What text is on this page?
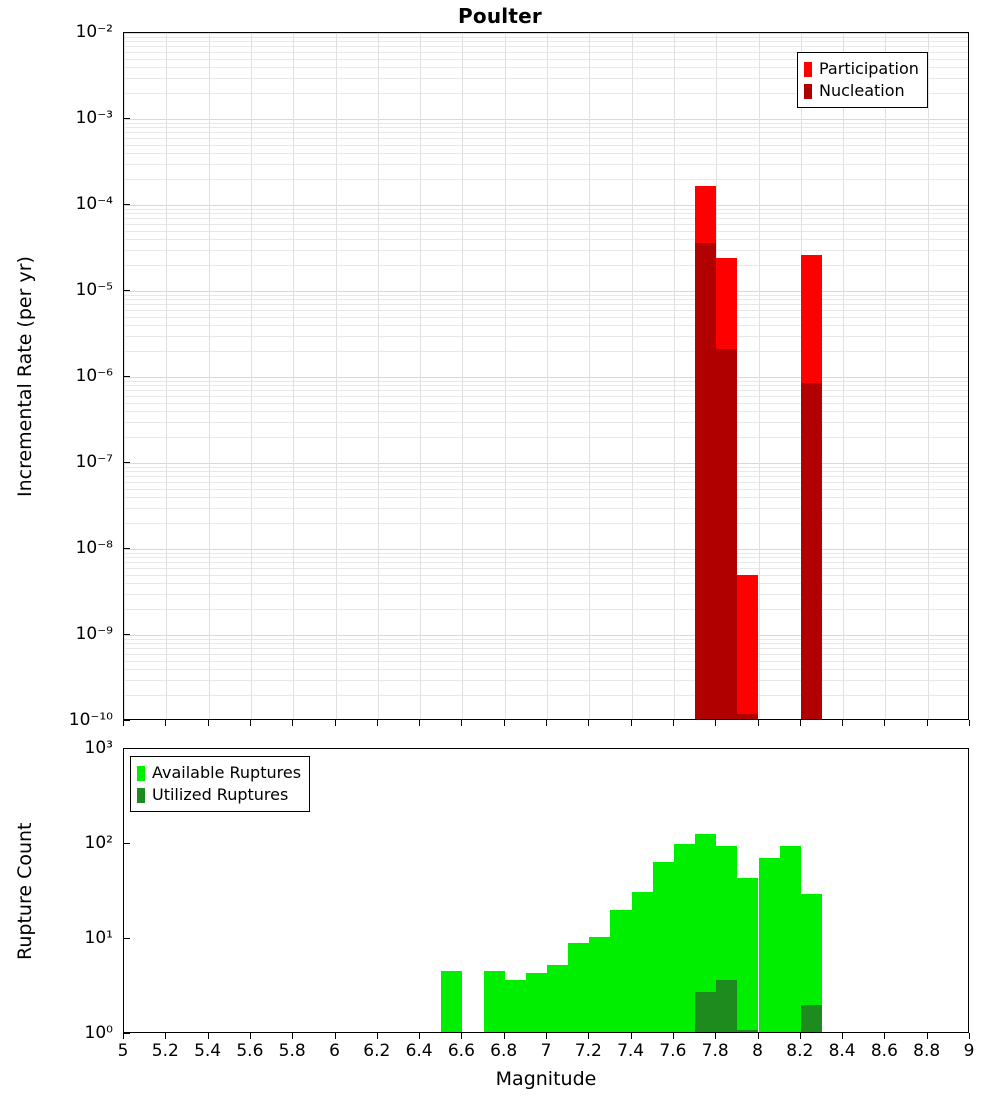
Poulter
Incremental Rate (per yr)
10⁻¹⁰
10⁻⁹
10⁻⁸
10⁻⁷
10⁻⁶
10⁻⁵
10⁻⁴
10⁻³
10⁻²
Participation
Nucleation
Rupture Count
10⁰
10¹
10²
10³
5 5.2 5.4 5.6 5.8 6 6.2 6.4 6.6 6.8 7 7.2 7.4 7.6 7.8 8 8.2 8.4 8.6 8.8 9
Available Ruptures
Utilized Ruptures
Magnitude
